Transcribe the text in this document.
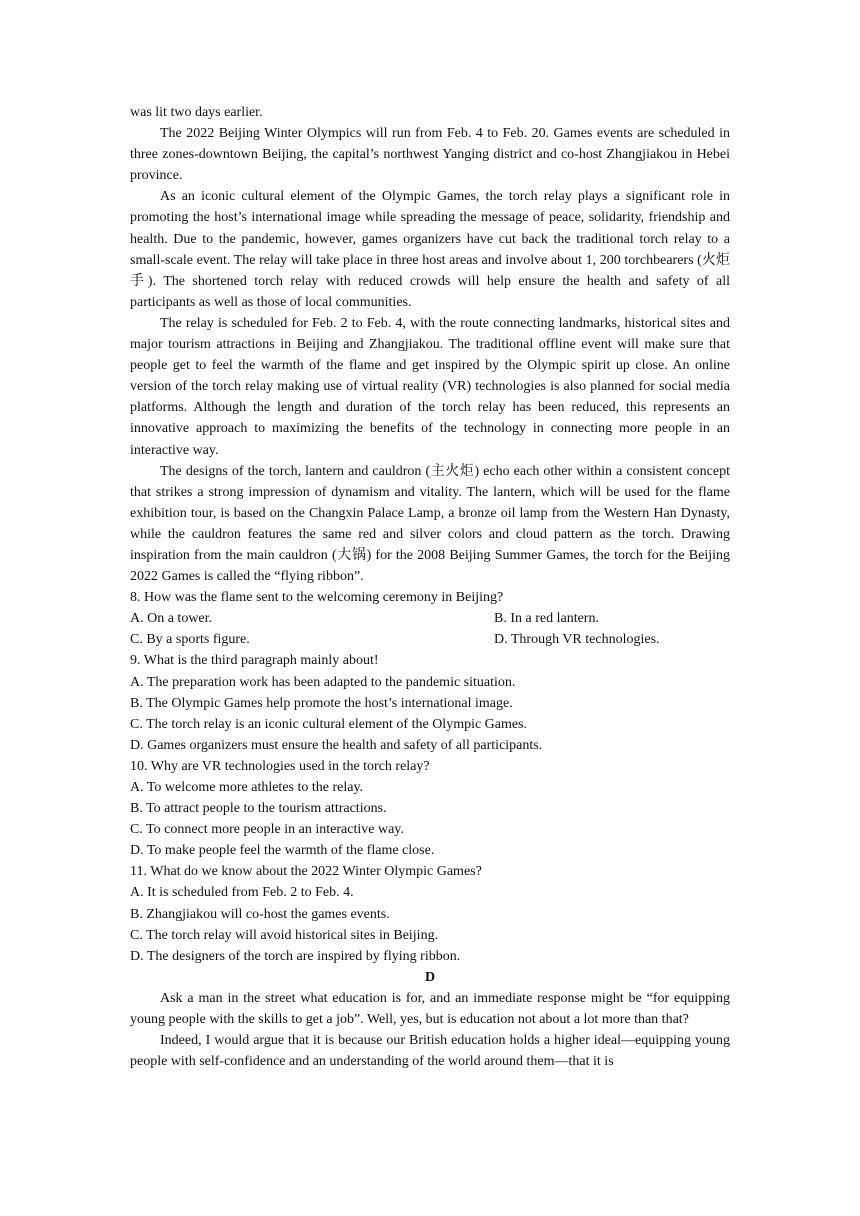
was lit two days earlier.

The 2022 Beijing Winter Olympics will run from Feb. 4 to Feb. 20. Games events are scheduled in three zones-downtown Beijing, the capital’s northwest Yanging district and co-host Zhangjiakou in Hebei province.

As an iconic cultural element of the Olympic Games, the torch relay plays a significant role in promoting the host’s international image while spreading the message of peace, solidarity, friendship and health. Due to the pandemic, however, games organizers have cut back the traditional torch relay to a small-scale event. The relay will take place in three host areas and involve about 1, 200 torchbearers (火炬手). The shortened torch relay with reduced crowds will help ensure the health and safety of all participants as well as those of local communities.

The relay is scheduled for Feb. 2 to Feb. 4, with the route connecting landmarks, historical sites and major tourism attractions in Beijing and Zhangjiakou. The traditional offline event will make sure that people get to feel the warmth of the flame and get inspired by the Olympic spirit up close. An online version of the torch relay making use of virtual reality (VR) technologies is also planned for social media platforms. Although the length and duration of the torch relay has been reduced, this represents an innovative approach to maximizing the benefits of the technology in connecting more people in an interactive way.

The designs of the torch, lantern and cauldron (主火炬) echo each other within a consistent concept that strikes a strong impression of dynamism and vitality. The lantern, which will be used for the flame exhibition tour, is based on the Changxin Palace Lamp, a bronze oil lamp from the Western Han Dynasty, while the cauldron features the same red and silver colors and cloud pattern as the torch. Drawing inspiration from the main cauldron (大锅) for the 2008 Beijing Summer Games, the torch for the Beijing 2022 Games is called the “flying ribbon”.

8. How was the flame sent to the welcoming ceremony in Beijing?

A. On a tower.	B. In a red lantern.
C. By a sports figure.	D. Through VR technologies.

9. What is the third paragraph mainly about!

A. The preparation work has been adapted to the pandemic situation.

B. The Olympic Games help promote the host’s international image.

C. The torch relay is an iconic cultural element of the Olympic Games.

D. Games organizers must ensure the health and safety of all participants.

10. Why are VR technologies used in the torch relay?

A. To welcome more athletes to the relay.

B. To attract people to the tourism attractions.

C. To connect more people in an interactive way.

D. To make people feel the warmth of the flame close.

11. What do we know about the 2022 Winter Olympic Games?

A. It is scheduled from Feb. 2 to Feb. 4.

B. Zhangjiakou will co-host the games events.

C. The torch relay will avoid historical sites in Beijing.

D. The designers of the torch are inspired by flying ribbon.

D

Ask a man in the street what education is for, and an immediate response might be “for equipping young people with the skills to get a job”. Well, yes, but is education not about a lot more than that?

Indeed, I would argue that it is because our British education holds a higher ideal—equipping young people with self-confidence and an understanding of the world around them—that it is
